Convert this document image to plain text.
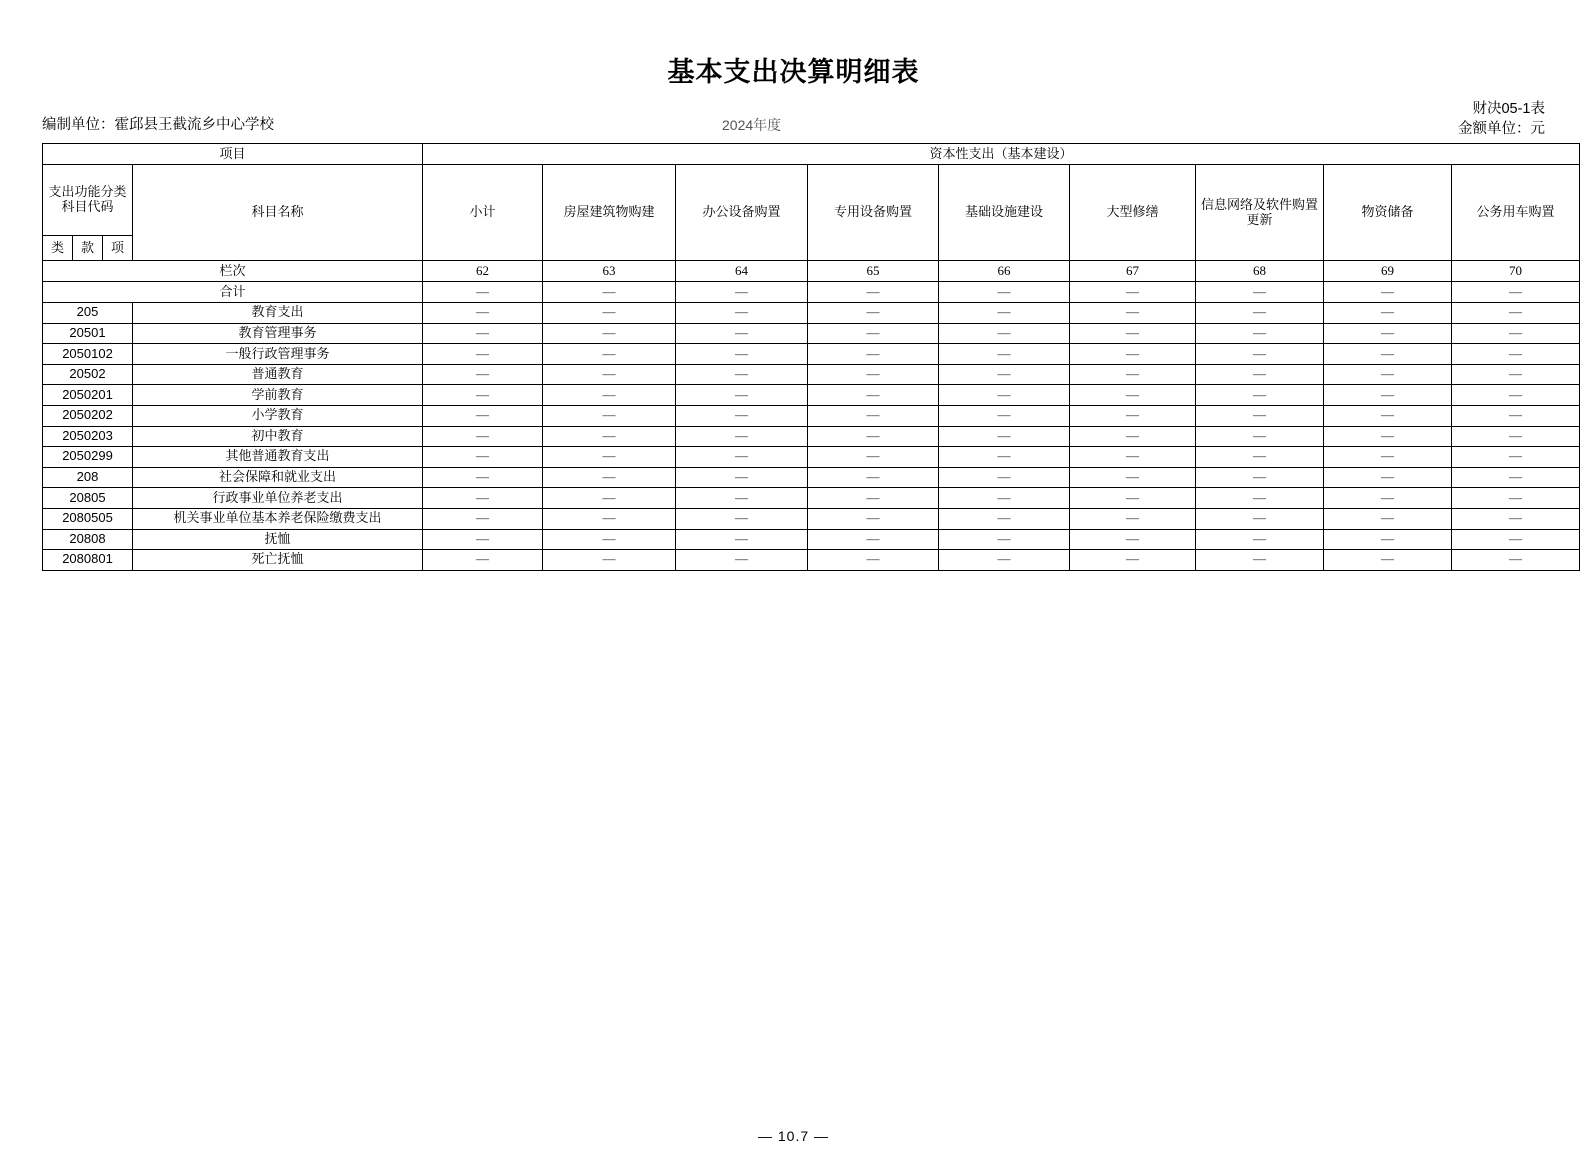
基本支出决算明细表
编制单位：霍邱县王截流乡中心学校	2024年度
财决05-1表
金额单位：元
项目				资本性支出（基本建设）								
支出功能分类科目代码			科目名称	小计	房屋建筑物购建	办公设备购置	专用设备购置	基础设施建设	大型修缮	信息网络及软件购置更新	物资储备	公务用车购置
类	款	项										
栏次				62	63	64	65	66	67	68	69	70
合计				—	—	—	—	—	—	—	—	—
205			教育支出	—	—	—	—	—	—	—	—	—
20501			教育管理事务	—	—	—	—	—	—	—	—	—
2050102			一般行政管理事务	—	—	—	—	—	—	—	—	—
20502			普通教育	—	—	—	—	—	—	—	—	—
2050201			学前教育	—	—	—	—	—	—	—	—	—
2050202			小学教育	—	—	—	—	—	—	—	—	—
2050203			初中教育	—	—	—	—	—	—	—	—	—
2050299			其他普通教育支出	—	—	—	—	—	—	—	—	—
208			社会保障和就业支出	—	—	—	—	—	—	—	—	—
20805			行政事业单位养老支出	—	—	—	—	—	—	—	—	—
2080505			机关事业单位基本养老保险缴费支出	—	—	—	—	—	—	—	—	—
20808			抚恤	—	—	—	—	—	—	—	—	—
2080801			死亡抚恤	—	—	—	—	—	—	—	—	—
— 10.7 —
